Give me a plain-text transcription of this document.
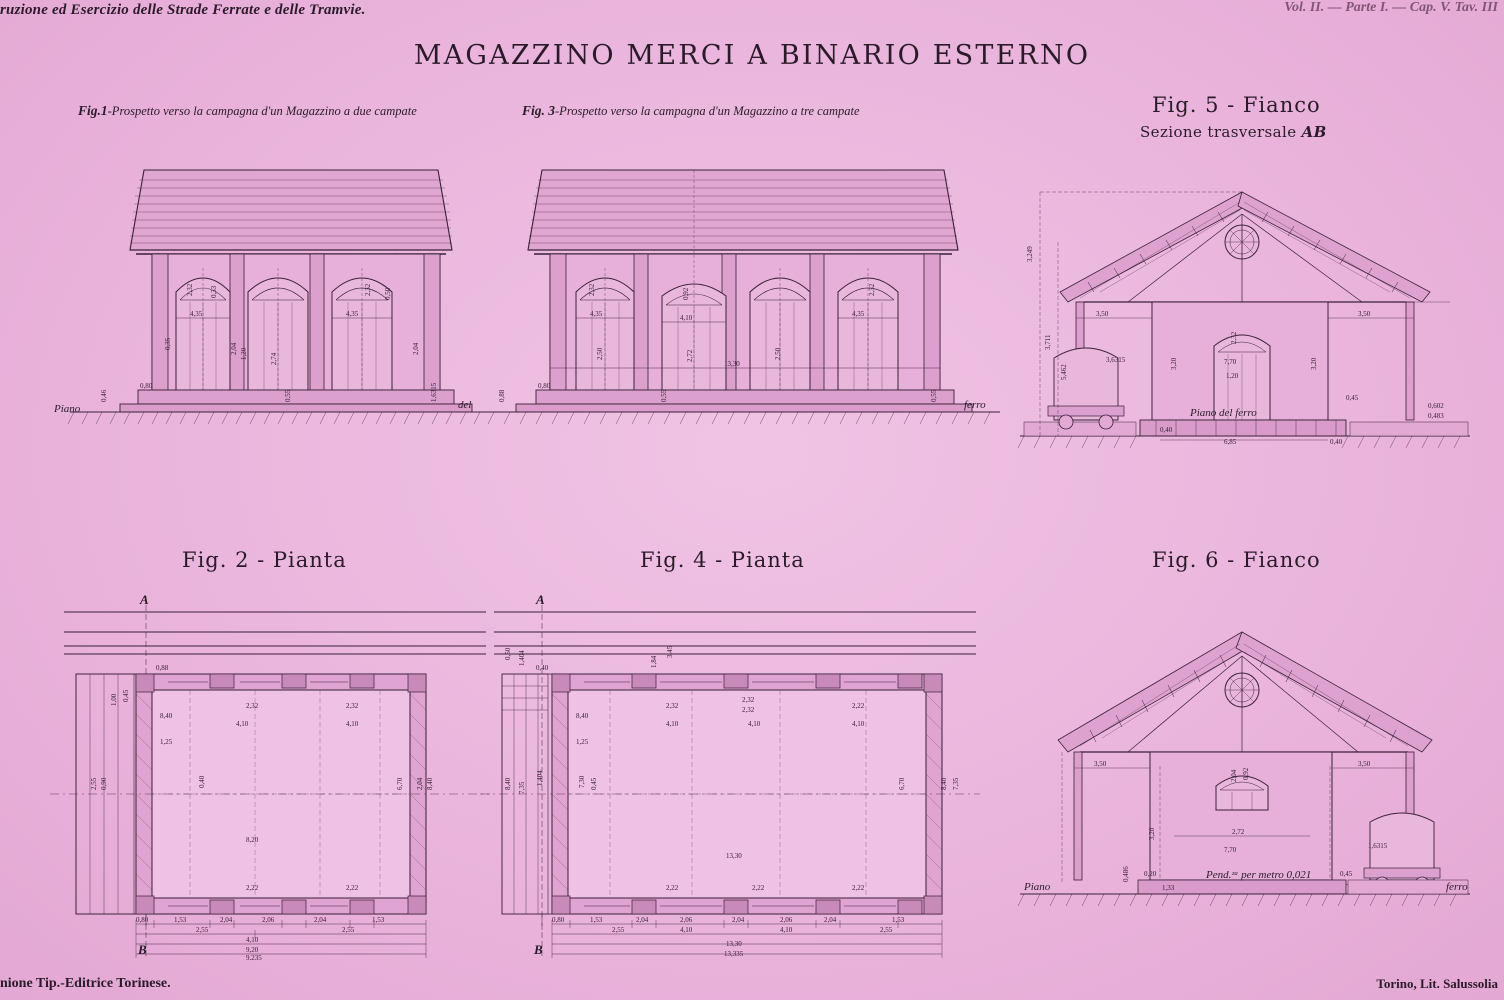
ruzione ed Esercizio delle Strade Ferrate e delle Tramvie.	Vol. II. — Parte I. — Cap. V. Tav. III
MAGAZZINO MERCI A BINARIO ESTERNO
Fig.1-Prospetto verso la campagna d'un Magazzino a due campate	Fig. 3-Prospetto verso la campagna d'un Magazzino a tre campate	Fig. 5 - Fianco
Sezione trasversale AB
Fig. 2 - Pianta	Fig. 4 - Pianta	Fig. 6 - Fianco
4,35	4,35
2,32 0,33	2,32 0,50
0,35	2,04 1,20	2,74
2,04
0,80
0,46	0,55	1,6315
Piano	del
4,35	4,10	4,35
2,32	0,92	2,32
2,50	2,72	2,50
13,30
0,80
0,88	0,55	0,55
ferro
3,249
3,711
5,462
3,50	3,50
3,20	3,20
3,6315
2,32
7,70
1,20
0,45
0,40
6,85	0,40
0,602
0,483
Piano del ferro
A
B
0,88
2,32	2,32
4,10	4,10
8,40
1,25
6,70 2,04 8,40
8,20
2,22	2,22
0,45
1,00
0,90
2,55	0,40
0,80	1,53	2,04	2,06	2,04	1,53
2,55	2,55
4,10
9,20
9,235
A
B
0,40
0,50 1,404	3,45
1,84
2,32
2,32
2,32	2,22
4,10	4,10	4,10
8,40
1,25
6,70	8,40 7,35
8,40 7,35
1,404	7,30 0,45
13,30
2,22	2,22	2,22
0,80	1,53	2,04	2,06	2,04	2,06	2,04	1,53
2,55	4,10	4,10	2,55
13,30
13,335
3,50	3,50
3,20
2,04 0,92
2,72
7,70	1,6315
0,45
0,486
1,33
0,20
Piano	ferro
Pend.ᶻᵃ per metro 0,021
nione Tip.-Editrice Torinese.	Torino, Lit. Salussolia
